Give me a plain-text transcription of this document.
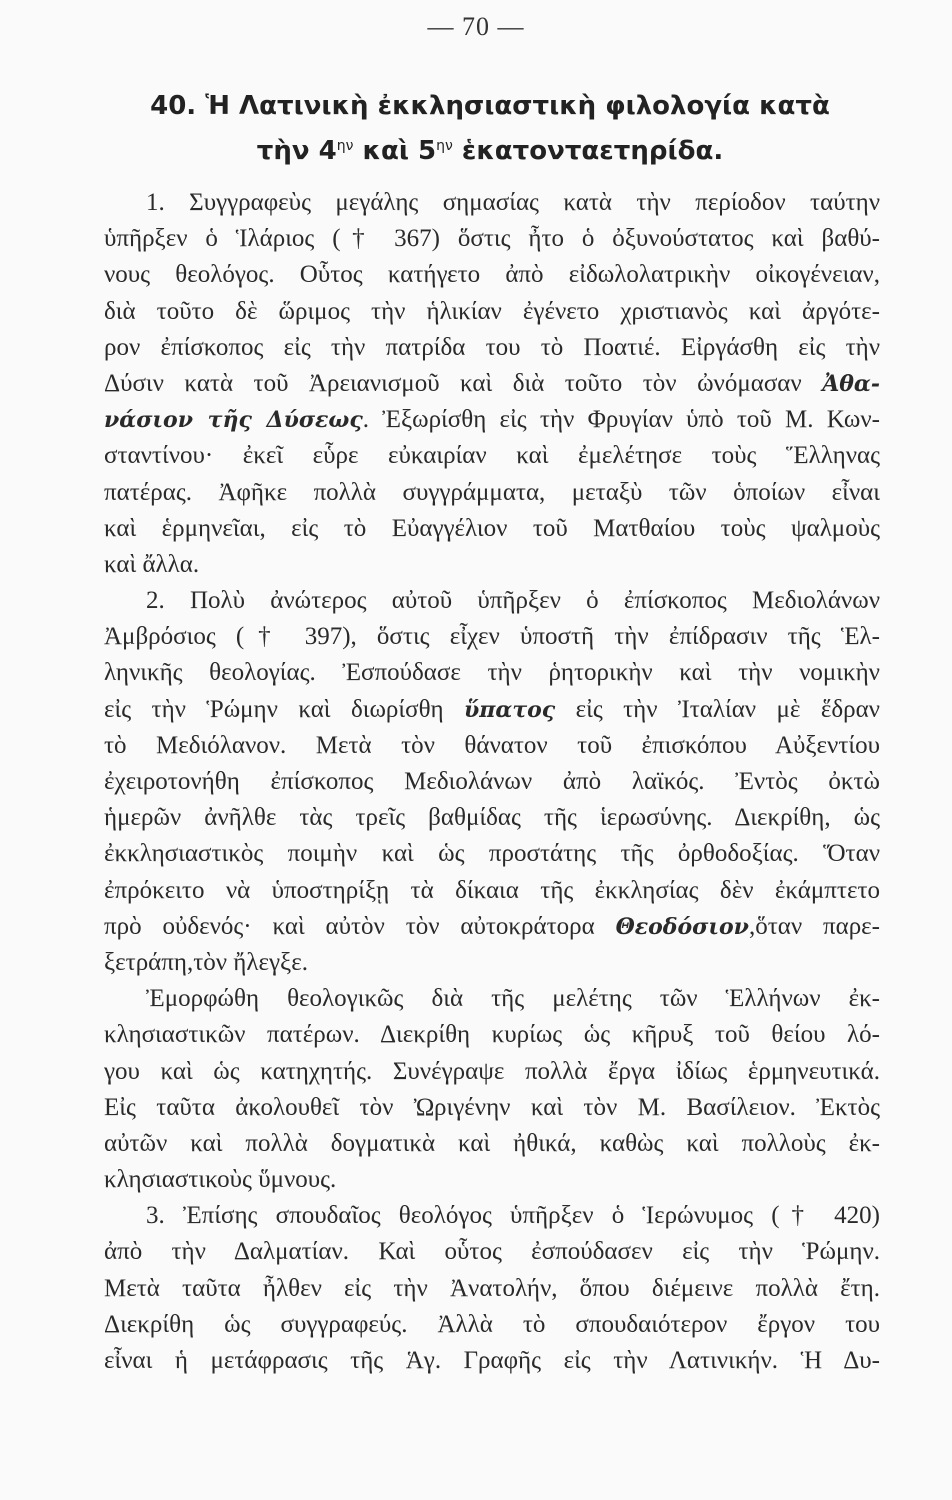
— 70 —
40. Ἡ Λατινικὴ ἐκκλησιαστικὴ φιλολογία κατὰ
τὴν $4^{\eta\nu}$ καὶ $5^{\eta\nu}$ ἑκατονταετηρίδα.
1. Συγγραφεὺς μεγάλης σημασίας κατὰ τὴν περίοδον ταύτην
ὑπῆρξεν ὁ Ἱλάριος († 367) ὅστις ἦτο ὁ ὀξυνούστατος καὶ βαθύ-
νους θεολόγος. Οὗτος κατήγετο ἀπὸ εἰδωλολατρικὴν οἰκογένειαν,
διὰ τοῦτο δὲ ὥριμος τὴν ἡλικίαν ἐγένετο χριστιανὸς καὶ ἀργότε-
ρον ἐπίσκοπος εἰς τὴν πατρίδα του τὸ Ποατιέ. Εἰργάσθη εἰς τὴν
Δύσιν κατὰ τοῦ Ἀρειανισμοῦ καὶ διὰ τοῦτο τὸν ὠνόμασαν Ἀθα-
νάσιον τῆς Δύσεως. Ἐξωρίσθη εἰς τὴν Φρυγίαν ὑπὸ τοῦ Μ. Κων-
σταντίνου· ἐκεῖ εὗρε εὐκαιρίαν καὶ ἐμελέτησε τοὺς Ἕλληνας
πατέρας. Ἀφῆκε πολλὰ συγγράμματα, μεταξὺ τῶν ὁποίων εἶναι
καὶ ἑρμηνεῖαι, εἰς τὸ Εὐαγγέλιον τοῦ Ματθαίου τοὺς ψαλμοὺς
καὶ ἄλλα.
2. Πολὺ ἀνώτερος αὐτοῦ ὑπῆρξεν ὁ ἐπίσκοπος Μεδιολάνων
Ἀμβρόσιος († 397), ὅστις εἶχεν ὑποστῆ τὴν ἐπίδρασιν τῆς Ἑλ-
ληνικῆς θεολογίας. Ἐσπούδασε τὴν ῥητορικὴν καὶ τὴν νομικὴν
εἰς τὴν Ῥώμην καὶ διωρίσθη ὕπατος εἰς τὴν Ἰταλίαν μὲ ἕδραν
τὸ Μεδιόλανον. Μετὰ τὸν θάνατον τοῦ ἐπισκόπου Αὐξεντίου
ἐχειροτονήθη ἐπίσκοπος Μεδιολάνων ἀπὸ λαϊκός. Ἐντὸς ὀκτὼ
ἡμερῶν ἀνῆλθε τὰς τρεῖς βαθμίδας τῆς ἱερωσύνης. Διεκρίθη, ὡς
ἐκκλησιαστικὸς ποιμὴν καὶ ὡς προστάτης τῆς ὀρθοδοξίας. Ὅταν
ἐπρόκειτο νὰ ὑποστηρίξῃ τὰ δίκαια τῆς ἐκκλησίας δὲν ἐκάμπτετο
πρὸ οὐδενός· καὶ αὐτὸν τὸν αὐτοκράτορα Θεοδόσιον,ὅταν παρε-
ξετράπη,τὸν ἤλεγξε.
Ἐμορφώθη θεολογικῶς διὰ τῆς μελέτης τῶν Ἑλλήνων ἐκ-
κλησιαστικῶν πατέρων. Διεκρίθη κυρίως ὡς κῆρυξ τοῦ θείου λό-
γου καὶ ὡς κατηχητής. Συνέγραψε πολλὰ ἔργα ἰδίως ἑρμηνευτικά.
Εἰς ταῦτα ἀκολουθεῖ τὸν Ὠριγένην καὶ τὸν Μ. Βασίλειον. Ἐκτὸς
αὐτῶν καὶ πολλὰ δογματικὰ καὶ ἠθικά, καθὼς καὶ πολλοὺς ἐκ-
κλησιαστικοὺς ὕμνους.
3. Ἐπίσης σπουδαῖος θεολόγος ὑπῆρξεν ὁ Ἱερώνυμος († 420)
ἀπὸ τὴν Δαλματίαν. Καὶ οὗτος ἐσπούδασεν εἰς τὴν Ῥώμην.
Μετὰ ταῦτα ἦλθεν εἰς τὴν Ἀνατολήν, ὅπου διέμεινε πολλὰ ἔτη.
Διεκρίθη ὡς συγγραφεύς. Ἀλλὰ τὸ σπουδαιότερον ἔργον του
εἶναι ἡ μετάφρασις τῆς Ἁγ. Γραφῆς εἰς τὴν Λατινικήν. Ἡ Δυ-
